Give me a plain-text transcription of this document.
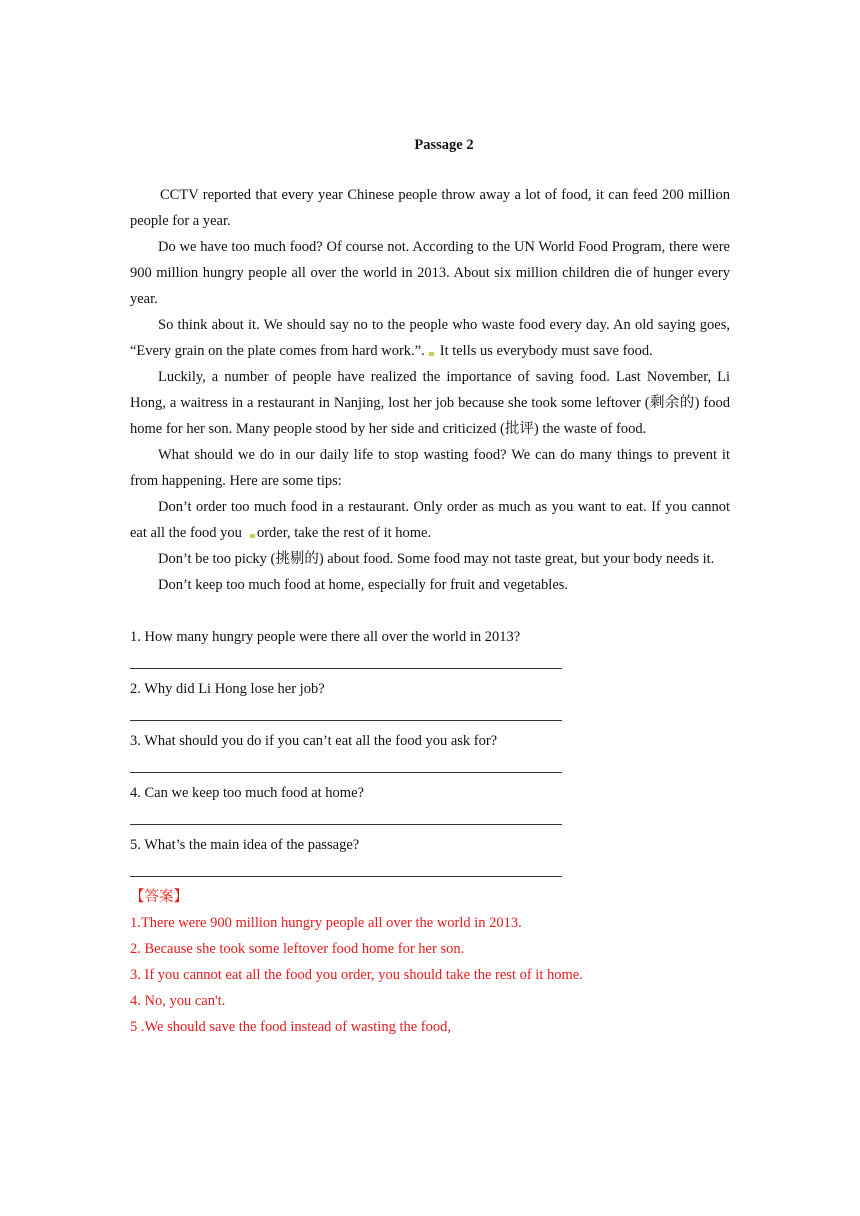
Passage 2

CCTV reported that every year Chinese people throw away a lot of food, it can feed 200 million people for a year.

Do we have too much food? Of course not. According to the UN World Food Program, there were 900 million hungry people all over the world in 2013. About six million children die of hunger every year.

So think about it. We should say no to the people who waste food every day. An old saying goes, “Every grain on the plate comes from hard work.”. It tells us everybody must save food.

Luckily, a number of people have realized the importance of saving food. Last November, Li Hong, a waitress in a restaurant in Nanjing, lost her job because she took some leftover (剩余的) food home for her son. Many people stood by her side and criticized (批评) the waste of food.

What should we do in our daily life to stop wasting food? We can do many things to prevent it from happening. Here are some tips:

Don’t order too much food in a restaurant. Only order as much as you want to eat. If you cannot eat all the food you order, take the rest of it home.

Don’t be too picky (挑剔的) about food. Some food may not taste great, but your body needs it.

Don’t keep too much food at home, especially for fruit and vegetables.

1. How many hungry people were there all over the world in 2013?
2. Why did Li Hong lose her job?
3. What should you do if you can’t eat all the food you ask for?
4. Can we keep too much food at home?
5. What’s the main idea of the passage?
【答案】
1.There were 900 million hungry people all over the world in 2013.
2. Because she took some leftover food home for her son.
3. If you cannot eat all the food you order, you should take the rest of it home.
4. No, you can't.
5 .We should save the food instead of wasting the food,
